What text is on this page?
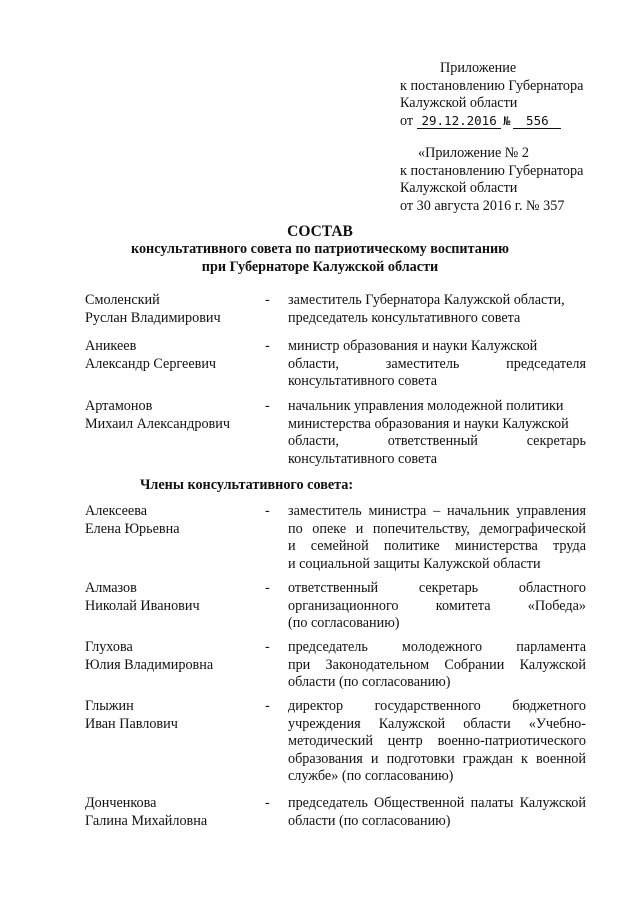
Приложение
к постановлению Губернатора
Калужской области
от 29.12.2016 № 556
«Приложение № 2
к постановлению Губернатора
Калужской области
от 30 августа 2016 г. № 357
СОСТАВ
консультативного совета по патриотическому воспитанию
при Губернаторе Калужской области
Смоленский
Руслан Владимирович
-	заместитель Губернатора Калужской области,
председатель консультативного совета
Аникеев
Александр Сергеевич
-	министр образования и науки Калужской
области, заместитель председателя
консультативного совета
Артамонов
Михаил Александрович
-	начальник управления молодежной политики
министерства образования и науки Калужской
области, ответственный секретарь
консультативного совета
Члены консультативного совета:
Алексеева
Елена Юрьевна
-	заместитель министра – начальник управления
по опеке и попечительству, демографической
и семейной политике министерства труда
и социальной защиты Калужской области
Алмазов
Николай Иванович
-	ответственный секретарь областного
организационного комитета «Победа»
(по согласованию)
Глухова
Юлия Владимировна
-	председатель молодежного парламента
при Законодательном Собрании Калужской
области (по согласованию)
Глыжин
Иван Павлович
-	директор государственного бюджетного
учреждения Калужской области «Учебно-
методический центр военно-патриотического
образования и подготовки граждан к военной
службе» (по согласованию)
Донченкова
Галина Михайловна
-	председатель Общественной палаты Калужской
области (по согласованию)
